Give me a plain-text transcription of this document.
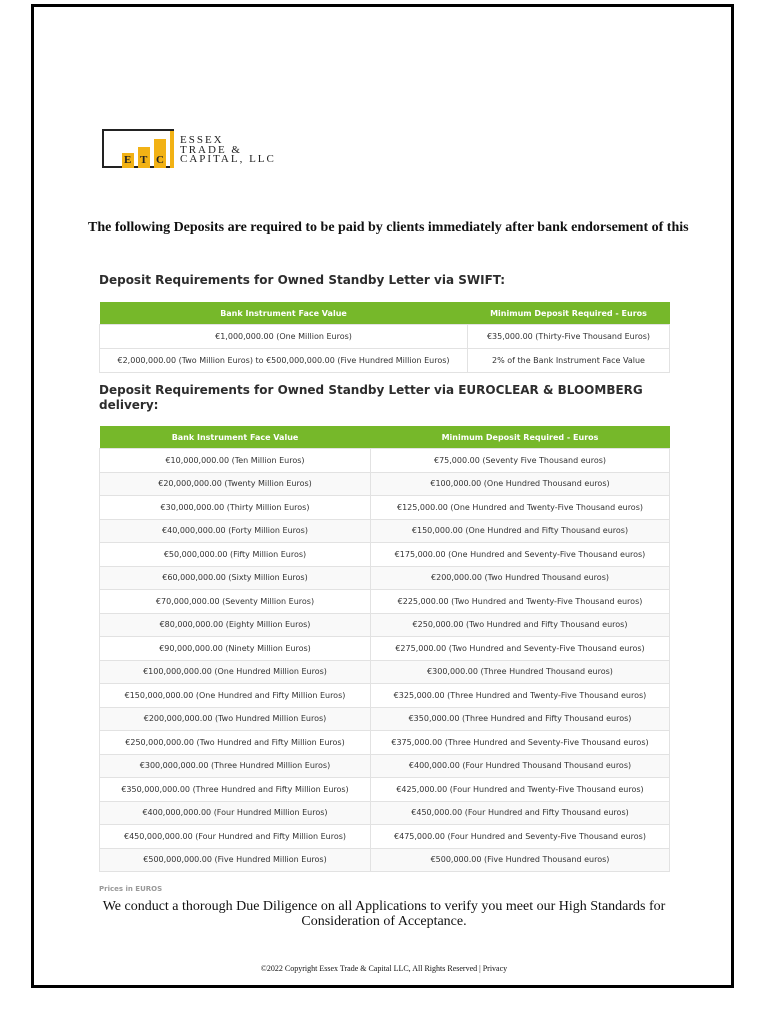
E T C
ESSEX
TRADE &
CAPITAL, LLC
The following Deposits are required to be paid by clients immediately after bank endorsement of this
Deposit Requirements for Owned Standby Letter via SWIFT:
Bank Instrument Face Value	Minimum Deposit Required - Euros
€1,000,000.00 (One Million Euros)	€35,000.00 (Thirty-Five Thousand Euros)
€2,000,000.00 (Two Million Euros) to €500,000,000.00 (Five Hundred Million Euros)	2% of the Bank Instrument Face Value
Deposit Requirements for Owned Standby Letter via EUROCLEAR & BLOOMBERG delivery:
Bank Instrument Face Value	Minimum Deposit Required - Euros
€10,000,000.00 (Ten Million Euros)	€75,000.00 (Seventy Five Thousand euros)
€20,000,000.00 (Twenty Million Euros)	€100,000.00 (One Hundred Thousand euros)
€30,000,000.00 (Thirty Million Euros)	€125,000.00 (One Hundred and Twenty-Five Thousand euros)
€40,000,000.00 (Forty Million Euros)	€150,000.00 (One Hundred and Fifty Thousand euros)
€50,000,000.00 (Fifty Million Euros)	€175,000.00 (One Hundred and Seventy-Five Thousand euros)
€60,000,000.00 (Sixty Million Euros)	€200,000.00 (Two Hundred Thousand euros)
€70,000,000.00 (Seventy Million Euros)	€225,000.00 (Two Hundred and Twenty-Five Thousand euros)
€80,000,000.00 (Eighty Million Euros)	€250,000.00 (Two Hundred and Fifty Thousand euros)
€90,000,000.00 (Ninety Million Euros)	€275,000.00 (Two Hundred and Seventy-Five Thousand euros)
€100,000,000.00 (One Hundred Million Euros)	€300,000.00 (Three Hundred Thousand euros)
€150,000,000.00 (One Hundred and Fifty Million Euros)	€325,000.00 (Three Hundred and Twenty-Five Thousand euros)
€200,000,000.00 (Two Hundred Million Euros)	€350,000.00 (Three Hundred and Fifty Thousand euros)
€250,000,000.00 (Two Hundred and Fifty Million Euros)	€375,000.00 (Three Hundred and Seventy-Five Thousand euros)
€300,000,000.00 (Three Hundred Million Euros)	€400,000.00 (Four Hundred Thousand Thousand euros)
€350,000,000.00 (Three Hundred and Fifty Million Euros)	€425,000.00 (Four Hundred and Twenty-Five Thousand euros)
€400,000,000.00 (Four Hundred Million Euros)	€450,000.00 (Four Hundred and Fifty Thousand euros)
€450,000,000.00 (Four Hundred and Fifty Million Euros)	€475,000.00 (Four Hundred and Seventy-Five Thousand euros)
€500,000,000.00 (Five Hundred Million Euros)	€500,000.00 (Five Hundred Thousand euros)
Prices in EUROS
We conduct a thorough Due Diligence on all Applications to verify you meet our High Standards for Consideration of Acceptance.
©2022 Copyright Essex Trade & Capital LLC, All Rights Reserved | Privacy
